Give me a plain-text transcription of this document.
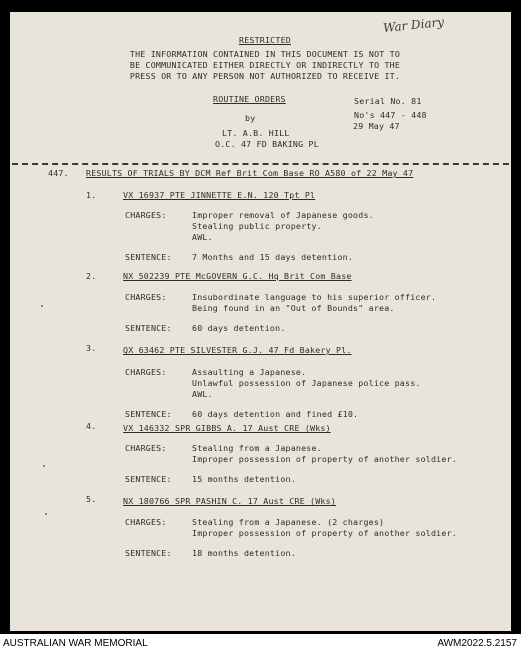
War Diary
RESTRICTED
THE INFORMATION CONTAINED IN THIS DOCUMENT IS NOT TO
BE COMMUNICATED EITHER DIRECTLY OR INDIRECTLY TO THE
PRESS OR TO ANY PERSON NOT AUTHORIZED TO RECEIVE IT.
ROUTINE ORDERS
by
LT. A.B. HILL
O.C. 47 FD BAKING PL
Serial No. 81
No's 447 - 448
29 May 47
447. RESULTS OF TRIALS BY DCM Ref Brit Com Base RO A580 of 22 May 47
1.	VX 16937 PTE JINNETTE E.N. 120 Tpt Pl
CHARGES:	Improper removal of Japanese goods.
Stealing public property.
AWL.
SENTENCE: 7 Months and 15 days detention.
2.	NX 502239 PTE McGOVERN G.C. Hq Brit Com Base
CHARGES:	Insubordinate language to his superior officer.
Being found in an "Out of Bounds" area.
SENTENCE: 60 days detention.
3.	QX 63462 PTE SILVESTER G.J. 47 Fd Bakery Pl.
CHARGES:	Assaulting a Japanese.
Unlawful possession of Japanese police pass.
AWL.
SENTENCE: 60 days detention and fined £10.
4.	VX 146332 SPR GIBBS A. 17 Aust CRE (Wks)
CHARGES:	Stealing from a Japanese.
Improper possession of property of another soldier.
SENTENCE: 15 months detention.
5.	NX 180766 SPR PASHIN C. 17 Aust CRE (Wks)
CHARGES:	Stealing from a Japanese. (2 charges)
Improper possession of property of another soldier.
SENTENCE: 18 months detention.
AUSTRALIAN WAR MEMORIAL	AWM2022.5.2157
